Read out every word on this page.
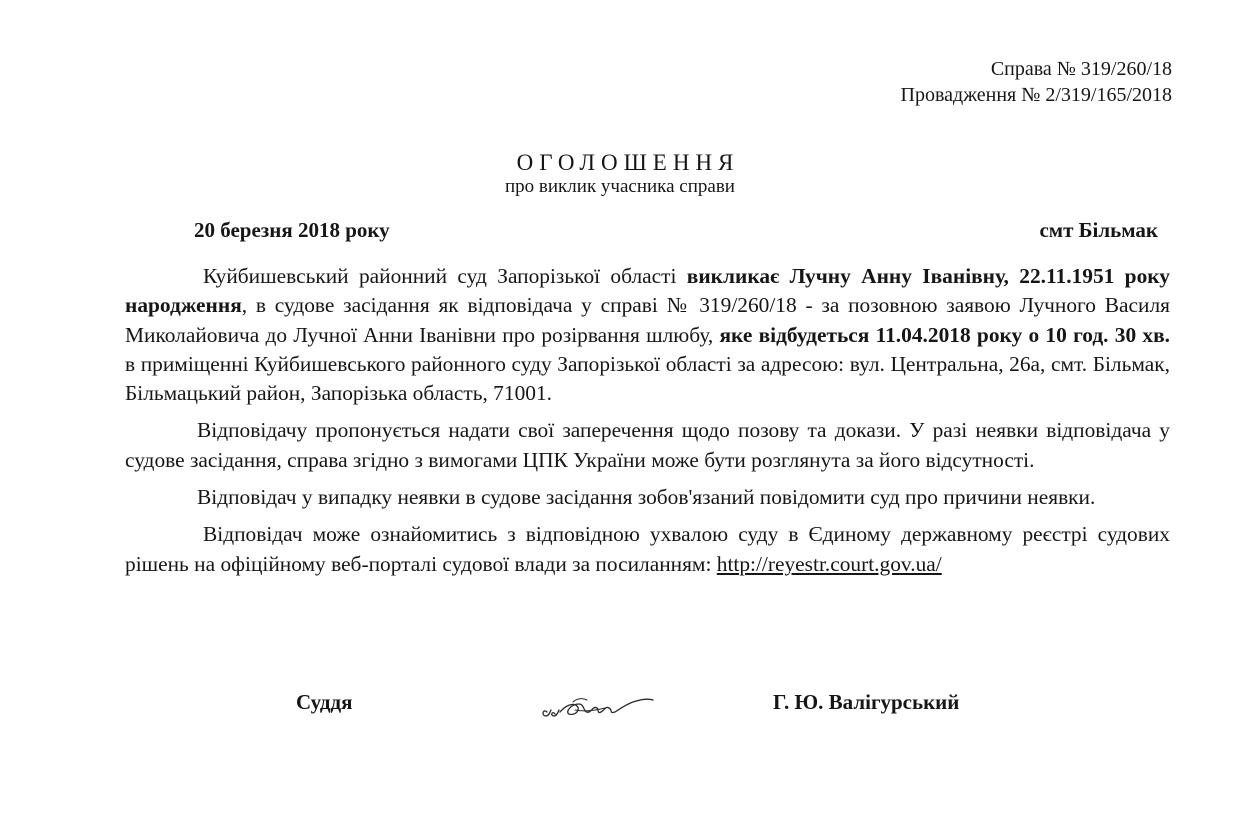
Справа № 319/260/18
Провадження № 2/319/165/2018
ОГОЛОШЕННЯ
про виклик учасника справи
20 березня 2018 року	смт Більмак

Куйбишевський районний суд Запорізької області викликає Лучну Анну Іванівну, 22.11.1951 року народження, в судове засідання як відповідача у справі № 319/260/18 - за позовною заявою Лучного Василя Миколайовича до Лучної Анни Іванівни про розірвання шлюбу, яке відбудеться 11.04.2018 року о 10 год. 30 хв. в приміщенні Куйбишевського районного суду Запорізької області за адресою: вул. Центральна, 26а, смт. Більмак, Більмацький район, Запорізька область, 71001.

Відповідачу пропонується надати свої заперечення щодо позову та докази. У разі неявки відповідача у судове засідання, справа згідно з вимогами ЦПК України може бути розглянута за його відсутності.

Відповідач у випадку неявки в судове засідання зобов'язаний повідомити суд про причини неявки.

Відповідач може ознайомитись з відповідною ухвалою суду в Єдиному державному реєстрі судових рішень на офіційному веб-порталі судової влади за посиланням: http://reyestr.court.gov.ua/

Суддя	Г. Ю. Валігурський
